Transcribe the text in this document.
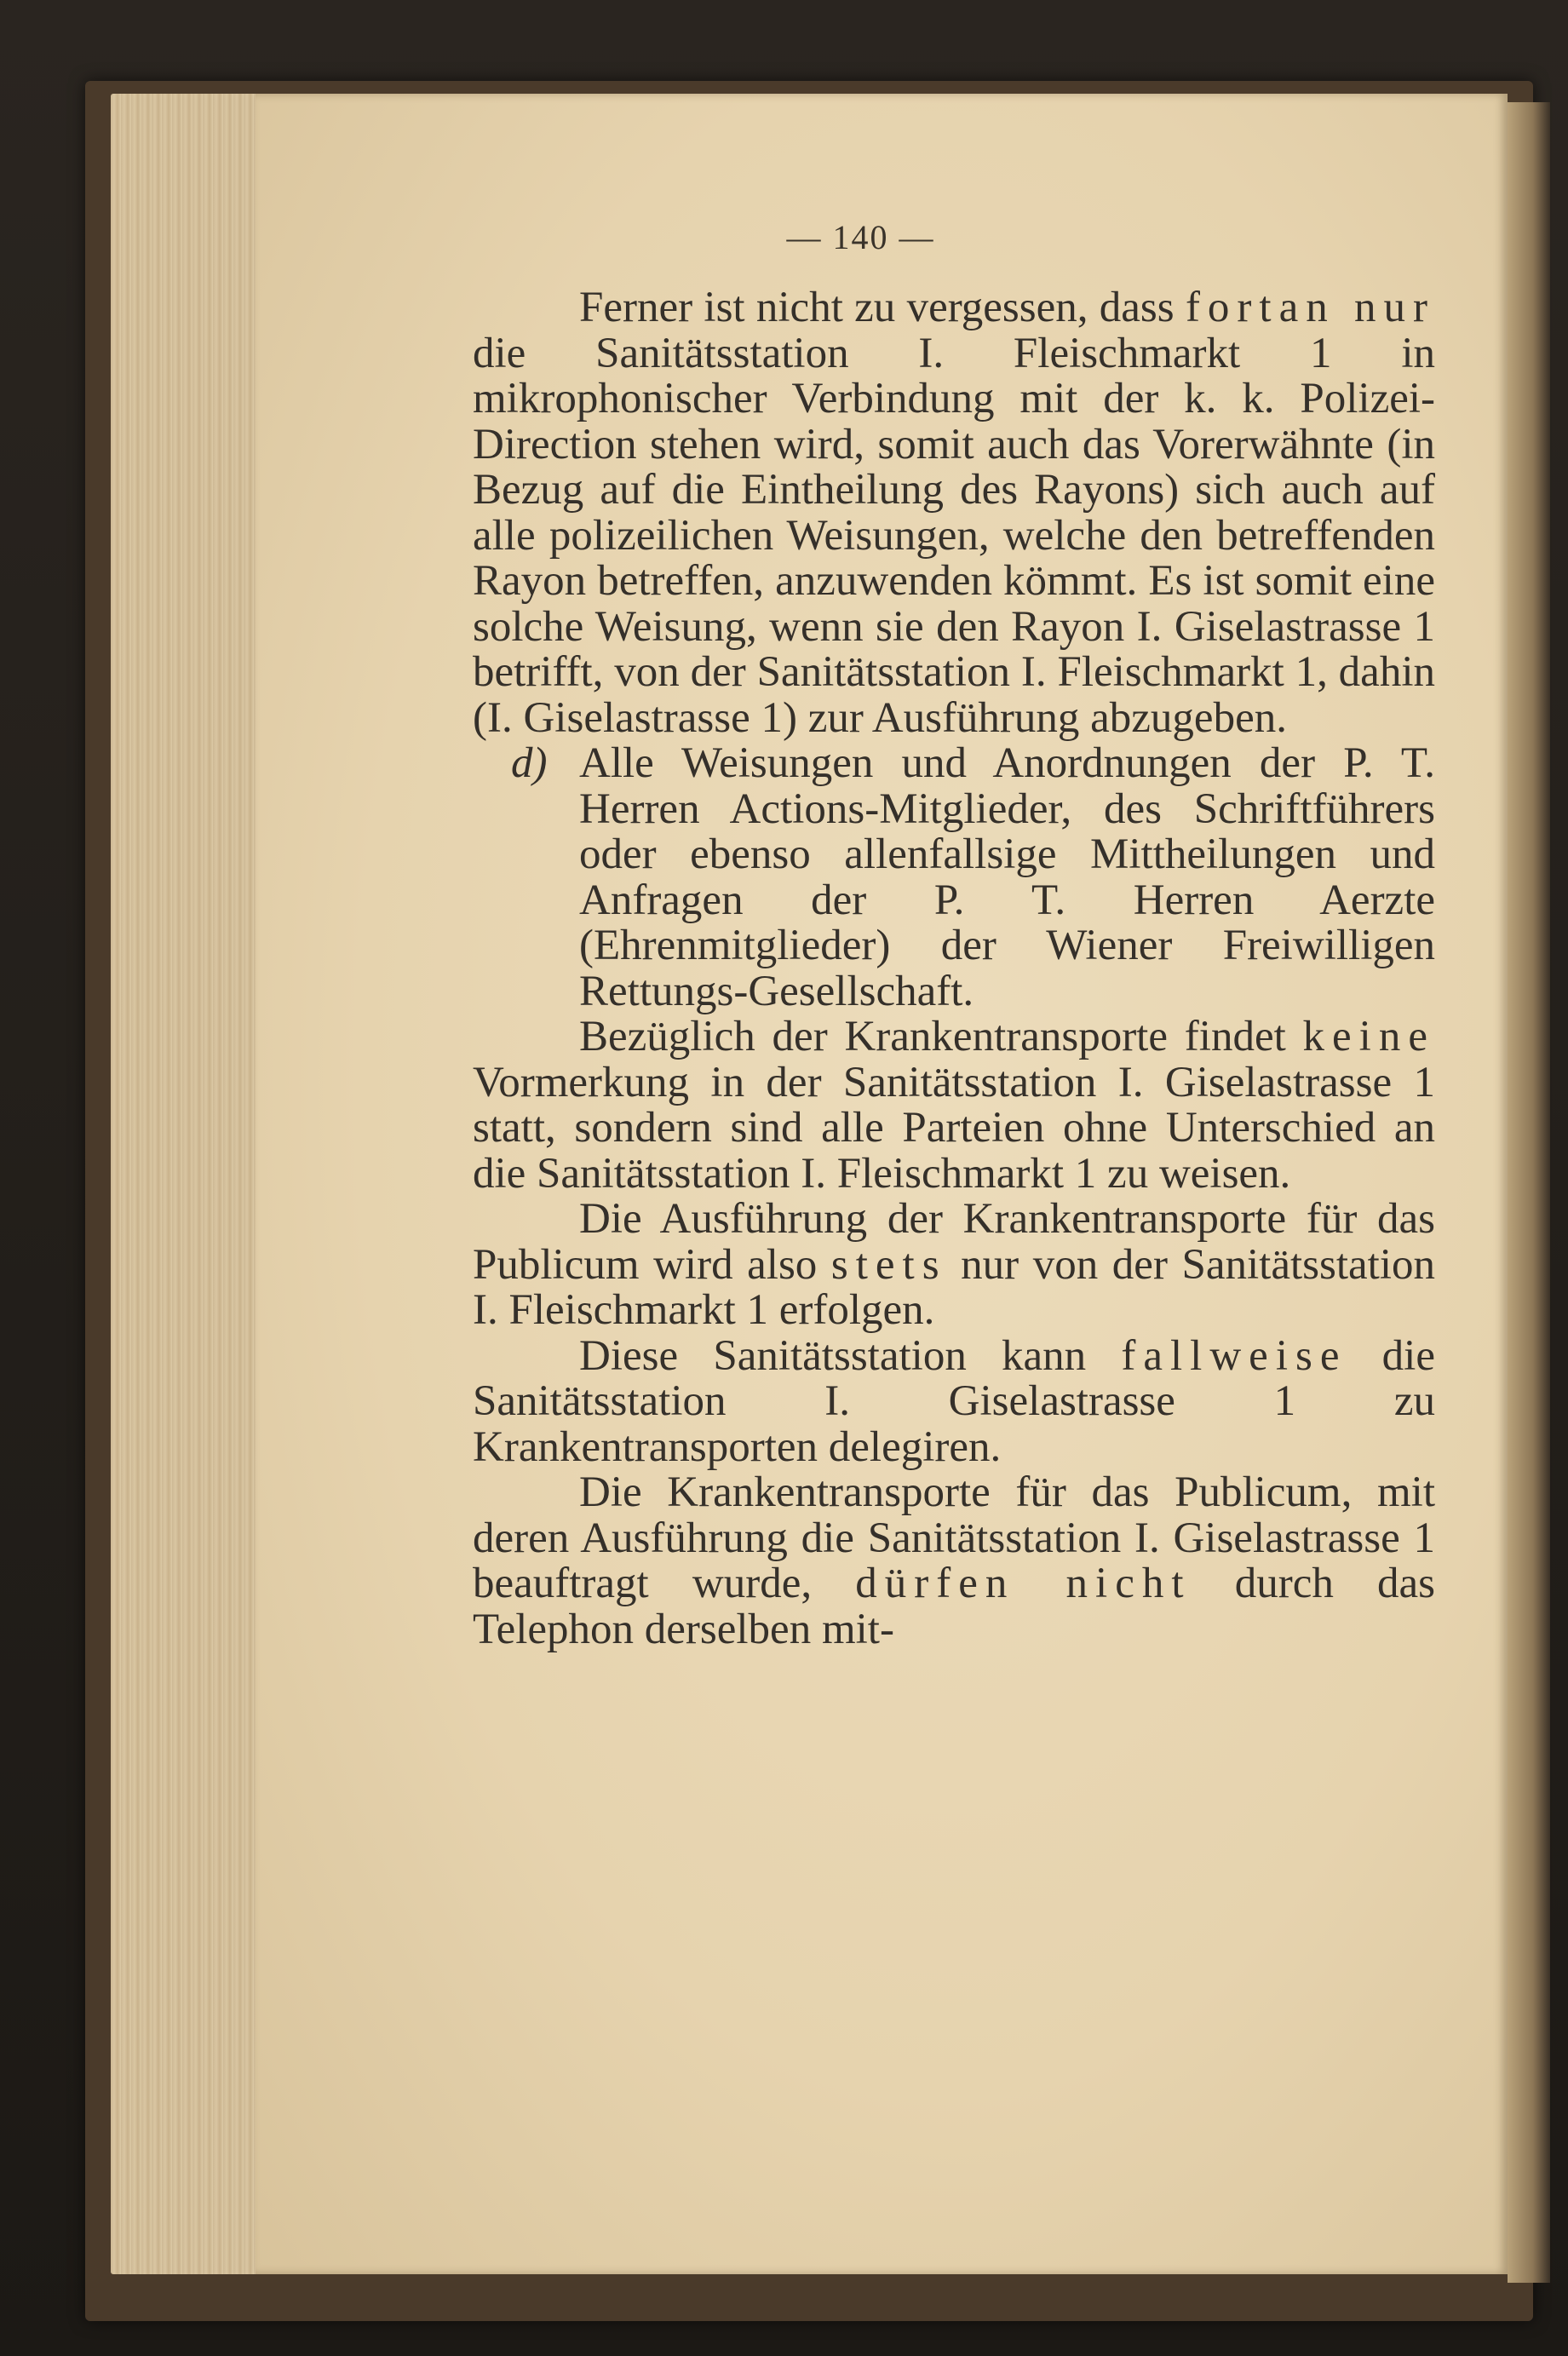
— 140 —

Ferner ist nicht zu vergessen, dass fortan nur die Sanitätsstation I. Fleischmarkt 1 in mikrophonischer Verbindung mit der k. k. Polizei-Direction stehen wird, somit auch das Vorerwähnte (in Bezug auf die Eintheilung des Rayons) sich auch auf alle polizeilichen Weisungen, welche den betreffenden Rayon betreffen, anzuwenden kömmt. Es ist somit eine solche Weisung, wenn sie den Rayon I. Giselastrasse 1 betrifft, von der Sanitätsstation I. Fleischmarkt 1, dahin (I. Giselastrasse 1) zur Ausführung abzugeben.

d) Alle Weisungen und Anordnungen der P. T. Herren Actions-Mitglieder, des Schriftführers oder ebenso allenfallsige Mittheilungen und Anfragen der P. T. Herren Aerzte (Ehrenmitglieder) der Wiener Freiwilligen Rettungs-Gesellschaft.

Bezüglich der Krankentransporte findet keine Vormerkung in der Sanitätsstation I. Giselastrasse 1 statt, sondern sind alle Parteien ohne Unterschied an die Sanitätsstation I. Fleischmarkt 1 zu weisen.

Die Ausführung der Krankentransporte für das Publicum wird also stets nur von der Sanitätsstation I. Fleischmarkt 1 erfolgen.

Diese Sanitätsstation kann fallweise die Sanitätsstation I. Giselastrasse 1 zu Krankentransporten delegiren.

Die Krankentransporte für das Publicum, mit deren Ausführung die Sanitätsstation I. Giselastrasse 1 beauftragt wurde, dürfen nicht durch das Telephon derselben mit-
